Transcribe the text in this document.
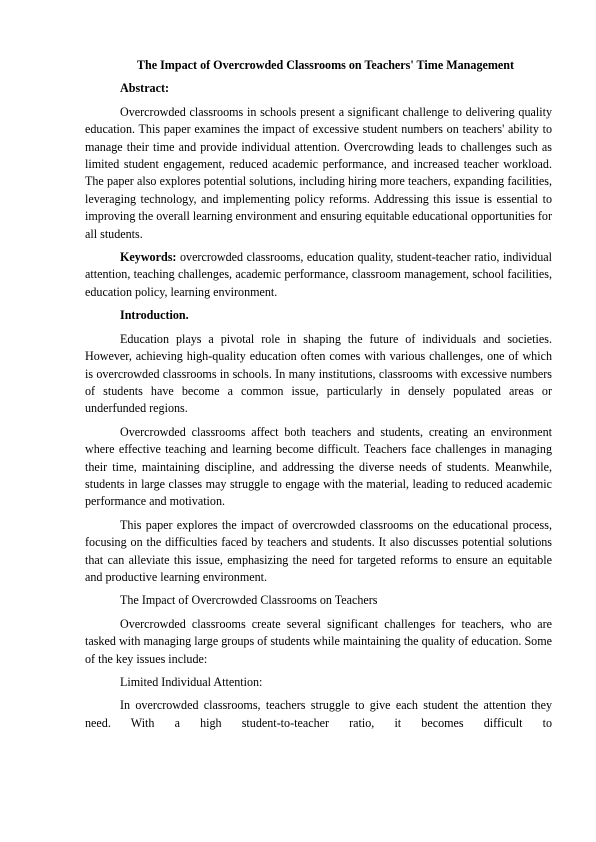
The Impact of Overcrowded Classrooms on Teachers' Time Management
Abstract:

Overcrowded classrooms in schools present a significant challenge to delivering quality education. This paper examines the impact of excessive student numbers on teachers' ability to manage their time and provide individual attention. Overcrowding leads to challenges such as limited student engagement, reduced academic performance, and increased teacher workload. The paper also explores potential solutions, including hiring more teachers, expanding facilities, leveraging technology, and implementing policy reforms. Addressing this issue is essential to improving the overall learning environment and ensuring equitable educational opportunities for all students.

Keywords: overcrowded classrooms, education quality, student-teacher ratio, individual attention, teaching challenges, academic performance, classroom management, school facilities, education policy, learning environment.

Introduction.

Education plays a pivotal role in shaping the future of individuals and societies. However, achieving high-quality education often comes with various challenges, one of which is overcrowded classrooms in schools. In many institutions, classrooms with excessive numbers of students have become a common issue, particularly in densely populated areas or underfunded regions.

Overcrowded classrooms affect both teachers and students, creating an environment where effective teaching and learning become difficult. Teachers face challenges in managing their time, maintaining discipline, and addressing the diverse needs of students. Meanwhile, students in large classes may struggle to engage with the material, leading to reduced academic performance and motivation.

This paper explores the impact of overcrowded classrooms on the educational process, focusing on the difficulties faced by teachers and students. It also discusses potential solutions that can alleviate this issue, emphasizing the need for targeted reforms to ensure an equitable and productive learning environment.

The Impact of Overcrowded Classrooms on Teachers

Overcrowded classrooms create several significant challenges for teachers, who are tasked with managing large groups of students while maintaining the quality of education. Some of the key issues include:

Limited Individual Attention:

In overcrowded classrooms, teachers struggle to give each student the attention they need. With a high student-to-teacher ratio, it becomes difficult to
